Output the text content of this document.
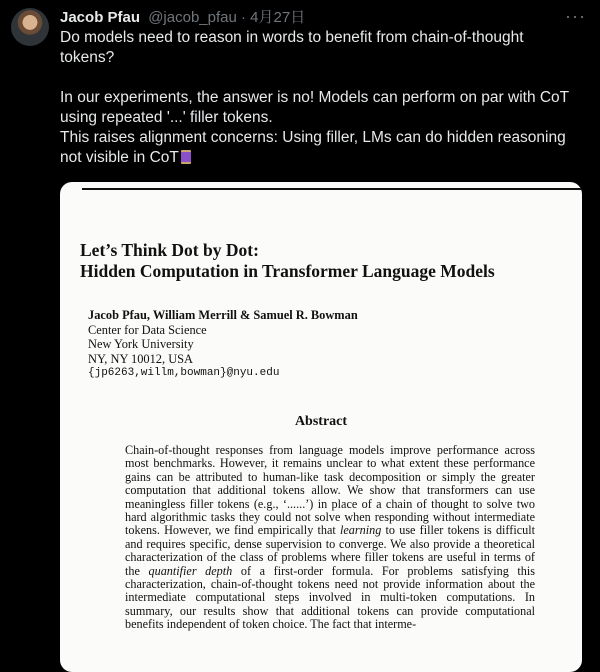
Jacob Pfau @jacob_pfau · 4月27日	···

Do models need to reason in words to benefit from chain-of-thought

tokens?

In our experiments, the answer is no! Models can perform on par with CoT

using repeated '...' filler tokens.

This raises alignment concerns: Using filler, LMs can do hidden reasoning

not visible in CoT

Let’s Think Dot by Dot:
Hidden Computation in Transformer Language Models
Jacob Pfau, William Merrill & Samuel R. Bowman
Center for Data Science
New York University
NY, NY 10012, USA
{jp6263,willm,bowman}@nyu.edu
Abstract

Chain-of-thought responses from language models improve performance across most benchmarks. However, it remains unclear to what extent these performance gains can be attributed to human-like task decomposition or simply the greater computation that additional tokens allow. We show that transformers can use meaningless filler tokens (e.g., ‘......’) in place of a chain of thought to solve two hard algorithmic tasks they could not solve when responding without intermediate tokens. However, we find empirically that learning to use filler tokens is difficult and requires specific, dense supervision to converge. We also provide a theoretical characterization of the class of problems where filler tokens are useful in terms of the quantifier depth of a first-order formula. For problems satisfying this characterization, chain-of-thought tokens need not provide information about the intermediate computational steps involved in multi-token computations. In summary, our results show that additional tokens can provide computational benefits independent of token choice. The fact that interme-
